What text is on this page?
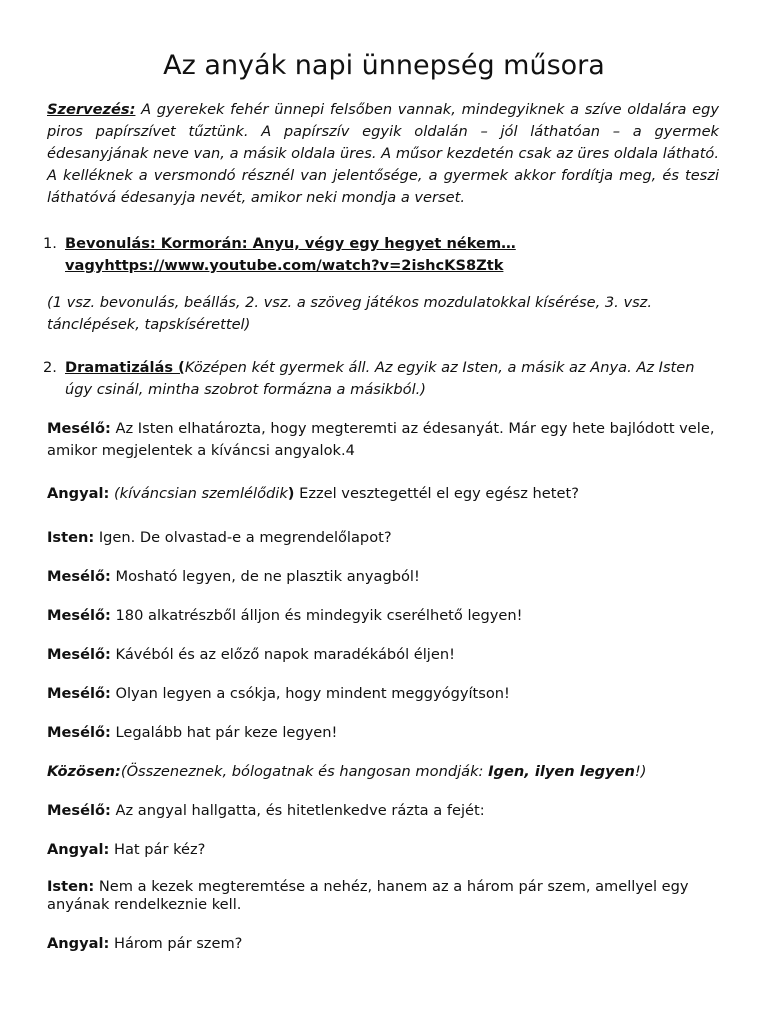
Az anyák napi ünnepség műsora

Szervezés: A gyerekek fehér ünnepi felsőben vannak, mindegyiknek a szíve oldalára egy piros papírszívet tűztünk. A papírszív egyik oldalán – jól láthatóan – a gyermek édesanyjának neve van, a másik oldala üres. A műsor kezdetén csak az üres oldala látható. A kelléknek a versmondó résznél van jelentősége, a gyermek akkor fordítja meg, és teszi láthatóvá édesanyja nevét, amikor neki mondja a verset.

1. Bevonulás: Kormorán: Anyu, végy egy hegyet nékem…
vagyhttps://www.youtube.com/watch?v=2ishcKS8Ztk

(1 vsz. bevonulás, beállás, 2. vsz. a szöveg játékos mozdulatokkal kísérése, 3. vsz. tánclépések, tapskísérettel)

2. Dramatizálás (Középen két gyermek áll. Az egyik az Isten, a másik az Anya. Az Isten úgy csinál, mintha szobrot formázna a másikból.)

Mesélő: Az Isten elhatározta, hogy megteremti az édesanyát. Már egy hete bajlódott vele, amikor megjelentek a kíváncsi angyalok.4

Angyal: (kíváncsian szemlélődik) Ezzel vesztegettél el egy egész hetet?

Isten: Igen. De olvastad-e a megrendelőlapot?

Mesélő: Mosható legyen, de ne plasztik anyagból!

Mesélő: 180 alkatrészből álljon és mindegyik cserélhető legyen!

Mesélő: Kávéból és az előző napok maradékából éljen!

Mesélő: Olyan legyen a csókja, hogy mindent meggyógyítson!

Mesélő: Legalább hat pár keze legyen!

Közösen:(Összeneznek, bólogatnak és hangosan mondják: Igen, ilyen legyen!)

Mesélő: Az angyal hallgatta, és hitetlenkedve rázta a fejét:

Angyal: Hat pár kéz?

Isten: Nem a kezek megteremtése a nehéz, hanem az a három pár szem, amellyel egy anyának rendelkeznie kell.

Angyal: Három pár szem?
